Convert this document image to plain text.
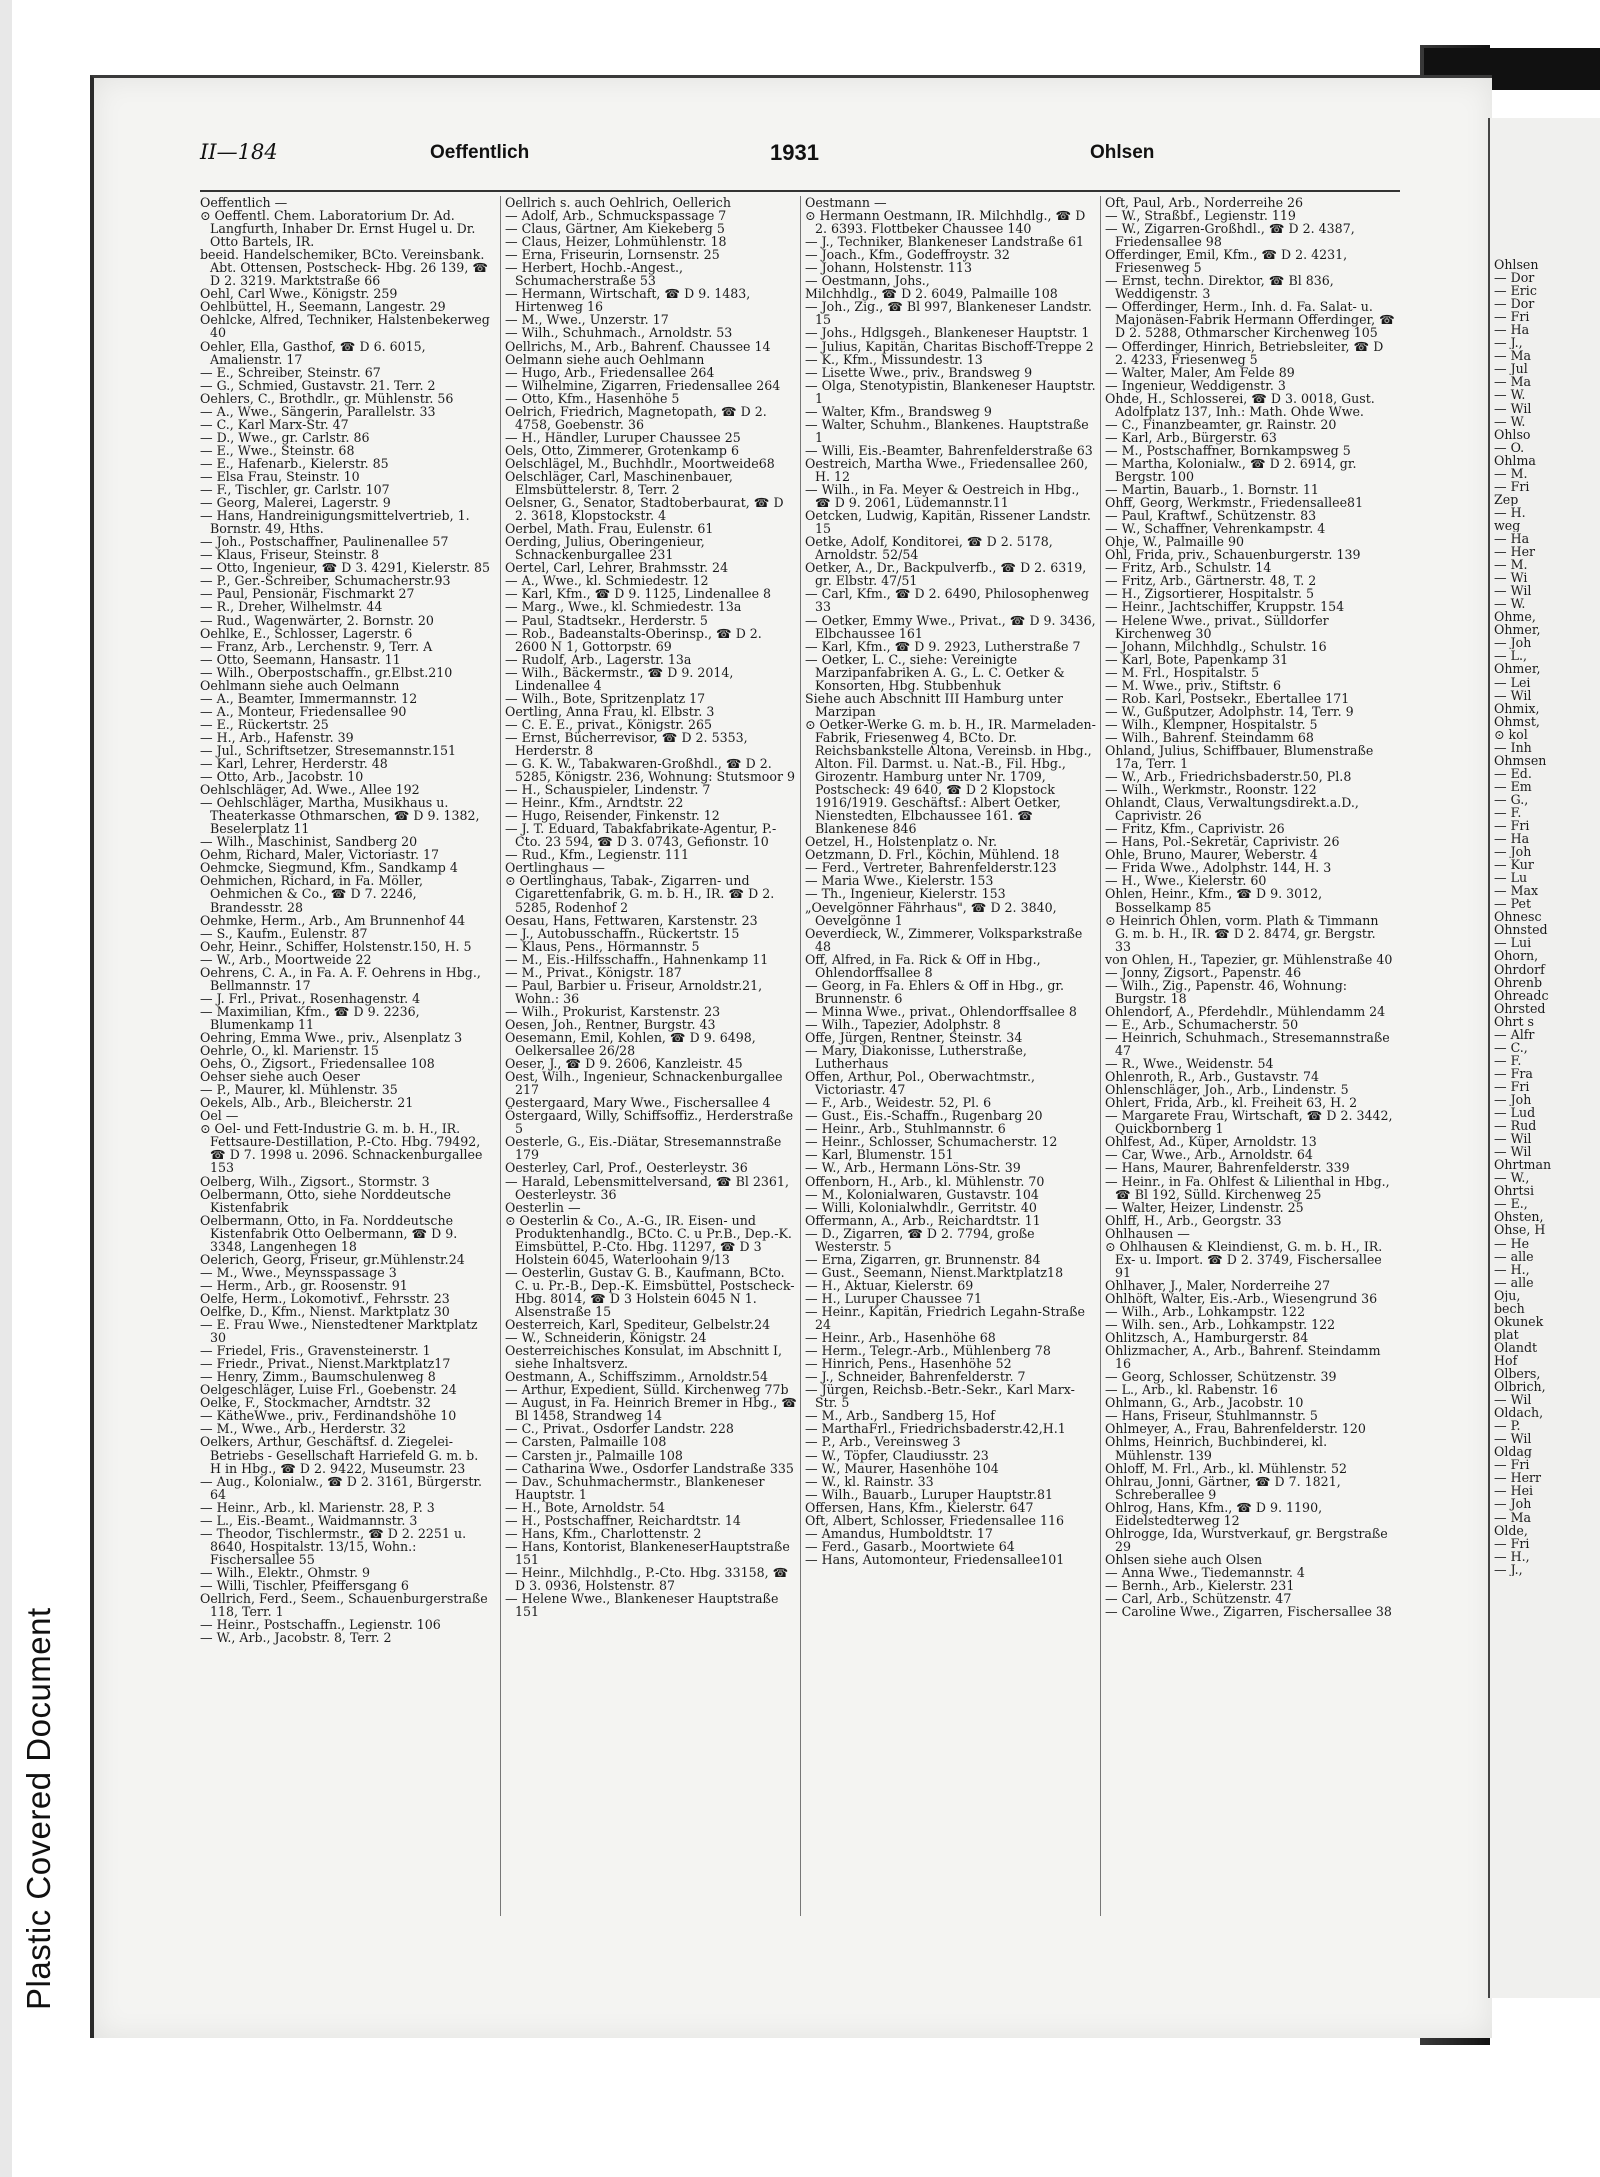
Plastic Covered Document
II—184	Oeffentlich	1931	Ohlsen

Oeffentlich —

⊙ Oeffentl. Chem. Laboratorium Dr. Ad. Langfurth, Inhaber Dr. Ernst Hugel u. Dr. Otto Bartels, IR.

beeid. Handelschemiker, BCto. Vereinsbank. Abt. Ottensen, Postscheck- Hbg. 26 139, ☎ D 2. 3219. Marktstraße 66

Oehl, Carl Wwe., Königstr. 259

Oehlbüttel, H., Seemann, Langestr. 29

Oehlcke, Alfred, Techniker, Halstenbekerweg 40

Oehler, Ella, Gasthof, ☎ D 6. 6015, Amalienstr. 17

— E., Schreiber, Steinstr. 67

— G., Schmied, Gustavstr. 21. Terr. 2

Oehlers, C., Brothdlr., gr. Mühlenstr. 56

— A., Wwe., Sängerin, Parallelstr. 33

— C., Karl Marx-Str. 47

— D., Wwe., gr. Carlstr. 86

— E., Wwe., Steinstr. 68

— E., Hafenarb., Kielerstr. 85

— Elsa Frau, Steinstr. 10

— F., Tischler, gr. Carlstr. 107

— Georg, Malerei, Lagerstr. 9

— Hans, Handreinigungsmittelvertrieb, 1. Bornstr. 49, Hths.

— Joh., Postschaffner, Paulinenallee 57

— Klaus, Friseur, Steinstr. 8

— Otto, Ingenieur, ☎ D 3. 4291, Kielerstr. 85

— P., Ger.-Schreiber, Schumacherstr.93

— Paul, Pensionär, Fischmarkt 27

— R., Dreher, Wilhelmstr. 44

— Rud., Wagenwärter, 2. Bornstr. 20

Oehlke, E., Schlosser, Lagerstr. 6

— Franz, Arb., Lerchenstr. 9, Terr. A

— Otto, Seemann, Hansastr. 11

— Wilh., Oberpostschaffn., gr.Elbst.210

Oehlmann siehe auch Oelmann

— A., Beamter, Immermannstr. 12

— A., Monteur, Friedensallee 90

— E., Rückertstr. 25

— H., Arb., Hafenstr. 39

— Jul., Schriftsetzer, Stresemannstr.151

— Karl, Lehrer, Herderstr. 48

— Otto, Arb., Jacobstr. 10

Oehlschläger, Ad. Wwe., Allee 192

— Oehlschläger, Martha, Musikhaus u. Theaterkasse Othmarschen, ☎ D 9. 1382, Beselerplatz 11

— Wilh., Maschinist, Sandberg 20

Oehm, Richard, Maler, Victoriastr. 17

Oehmcke, Siegmund, Kfm., Sandkamp 4

Oehmichen, Richard, in Fa. Möller, Oehmichen & Co., ☎ D 7. 2246, Brandesstr. 28

Oehmke, Herm., Arb., Am Brunnenhof 44

— S., Kaufm., Eulenstr. 87

Oehr, Heinr., Schiffer, Holstenstr.150, H. 5

— W., Arb., Moortweide 22

Oehrens, C. A., in Fa. A. F. Oehrens in Hbg., Bellmannstr. 17

— J. Frl., Privat., Rosenhagenstr. 4

— Maximilian, Kfm., ☎ D 9. 2236, Blumenkamp 11

Oehring, Emma Wwe., priv., Alsenplatz 3

Oehrle, O., kl. Marienstr. 15

Oehs, O., Zigsort., Friedensallee 108

Oehser siehe auch Oeser

— P., Maurer, kl. Mühlenstr. 35

Oekels, Alb., Arb., Bleicherstr. 21

Oel —

⊙ Oel- und Fett-Industrie G. m. b. H., IR. Fettsaure-Destillation, P.-Cto. Hbg. 79492, ☎ D 7. 1998 u. 2096. Schnackenburgallee 153

Oelberg, Wilh., Zigsort., Stormstr. 3

Oelbermann, Otto, siehe Norddeutsche Kistenfabrik

Oelbermann, Otto, in Fa. Norddeutsche Kistenfabrik Otto Oelbermann, ☎ D 9. 3348, Langenhegen 18

Oelerich, Georg, Friseur, gr.Mühlenstr.24

— M., Wwe., Meynsspassage 3

— Herm., Arb., gr. Roosenstr. 91

Oelfe, Herm., Lokomotivf., Fehrsstr. 23

Oelfke, D., Kfm., Nienst. Marktplatz 30

— E. Frau Wwe., Nienstedtener Marktplatz 30

— Friedel, Fris., Gravensteinerstr. 1

— Friedr., Privat., Nienst.Marktplatz17

— Henry, Zimm., Baumschulenweg 8

Oelgeschläger, Luise Frl., Goebenstr. 24

Oelke, F., Stockmacher, Arndtstr. 32

— KätheWwe., priv., Ferdinandshöhe 10

— M., Wwe., Arb., Herderstr. 32

Oelkers, Arthur, Geschäftsf. d. Ziegelei-Betriebs - Gesellschaft Harriefeld G. m. b. H in Hbg., ☎ D 2. 9422, Museumstr. 23

— Aug., Kolonialw., ☎ D 2. 3161, Bürgerstr. 64

— Heinr., Arb., kl. Marienstr. 28, P. 3

— L., Eis.-Beamt., Waidmannstr. 3

— Theodor, Tischlermstr., ☎ D 2. 2251 u. 8640, Hospitalstr. 13/15, Wohn.: Fischersallee 55

— Wilh., Elektr., Ohmstr. 9

— Willi, Tischler, Pfeiffersgang 6

Oellrich, Ferd., Seem., Schauenburgerstraße 118, Terr. 1

— Heinr., Postschaffn., Legienstr. 106

— W., Arb., Jacobstr. 8, Terr. 2

Oellrich s. auch Oehlrich, Oellerich

— Adolf, Arb., Schmuckspassage 7

— Claus, Gärtner, Am Kiekeberg 5

— Claus, Heizer, Lohmühlenstr. 18

— Erna, Friseurin, Lornsenstr. 25

— Herbert, Hochb.-Angest., Schumacherstraße 53

— Hermann, Wirtschaft, ☎ D 9. 1483, Hirtenweg 16

— M., Wwe., Unzerstr. 17

— Wilh., Schuhmach., Arnoldstr. 53

Oellrichs, M., Arb., Bahrenf. Chaussee 14

Oelmann siehe auch Oehlmann

— Hugo, Arb., Friedensallee 264

— Wilhelmine, Zigarren, Friedensallee 264

— Otto, Kfm., Hasenhöhe 5

Oelrich, Friedrich, Magnetopath, ☎ D 2. 4758, Goebenstr. 36

— H., Händler, Luruper Chaussee 25

Oels, Otto, Zimmerer, Grotenkamp 6

Oelschlägel, M., Buchhdlr., Moortweide68

Oelschläger, Carl, Maschinenbauer, Elmsbüttelerstr. 8, Terr. 2

Oelsner, G., Senator, Stadtoberbaurat, ☎ D 2. 3618, Klopstockstr. 4

Oerbel, Math. Frau, Eulenstr. 61

Oerding, Julius, Oberingenieur, Schnackenburgallee 231

Oertel, Carl, Lehrer, Brahmsstr. 24

— A., Wwe., kl. Schmiedestr. 12

— Karl, Kfm., ☎ D 9. 1125, Lindenallee 8

— Marg., Wwe., kl. Schmiedestr. 13a

— Paul, Stadtsekr., Herderstr. 5

— Rob., Badeanstalts-Oberinsp., ☎ D 2. 2600 N 1, Gottorpstr. 69

— Rudolf, Arb., Lagerstr. 13a

— Wilh., Bäckermstr., ☎ D 9. 2014, Lindenallee 4

— Wilh., Bote, Spritzenplatz 17

Oertling, Anna Frau, kl. Elbstr. 3

— C. E. E., privat., Königstr. 265

— Ernst, Bücherrevisor, ☎ D 2. 5353, Herderstr. 8

— G. K. W., Tabakwaren-Großhdl., ☎ D 2. 5285, Königstr. 236, Wohnung: Stutsmoor 9

— H., Schauspieler, Lindenstr. 7

— Heinr., Kfm., Arndtstr. 22

— Hugo, Reisender, Finkenstr. 12

— J. T. Eduard, Tabakfabrikate-Agentur, P.-Cto. 23 594, ☎ D 3. 0743, Gefionstr. 10

— Rud., Kfm., Legienstr. 111

Oertlinghaus —

⊙ Oertlinghaus, Tabak-, Zigarren- und Cigarettenfabrik, G. m. b. H., IR. ☎ D 2. 5285, Rodenhof 2

Oesau, Hans, Fettwaren, Karstenstr. 23

— J., Autobusschaffn., Rückertstr. 15

— Klaus, Pens., Hörmannstr. 5

— M., Eis.-Hilfsschaffn., Hahnenkamp 11

— M., Privat., Königstr. 187

— Paul, Barbier u. Friseur, Arnoldstr.21, Wohn.: 36

— Wilh., Prokurist, Karstenstr. 23

Oesen, Joh., Rentner, Burgstr. 43

Oesemann, Emil, Kohlen, ☎ D 9. 6498, Oelkersallee 26/28

Oeser, J., ☎ D 9. 2606, Kanzleistr. 45

Oest, Wilh., Ingenieur, Schnackenburgallee 217

Oestergaard, Mary Wwe., Fischersallee 4

Östergaard, Willy, Schiffsoffiz., Herderstraße 5

Oesterle, G., Eis.-Diätar, Stresemannstraße 179

Oesterley, Carl, Prof., Oesterleystr. 36

— Harald, Lebensmittelversand, ☎ Bl 2361, Oesterleystr. 36

Oesterlin —

⊙ Oesterlin & Co., A.-G., IR. Eisen- und Produktenhandlg., BCto. C. u Pr.B., Dep.-K. Eimsbüttel, P.-Cto. Hbg. 11297, ☎ D 3 Holstein 6045, Waterloohain 9/13

— Oesterlin, Gustav G. B., Kaufmann, BCto. C. u. Pr.-B., Dep.-K. Eimsbüttel, Postscheck- Hbg. 8014, ☎ D 3 Holstein 6045 N 1. Alsenstraße 15

Oesterreich, Karl, Spediteur, Gelbelstr.24

— W., Schneiderin, Königstr. 24

Oesterreichisches Konsulat, im Abschnitt I, siehe Inhaltsverz.

Oestmann, A., Schiffszimm., Arnoldstr.54

— Arthur, Expedient, Sülld. Kirchenweg 77b

— August, in Fa. Heinrich Bremer in Hbg., ☎ Bl 1458, Strandweg 14

— C., Privat., Osdorfer Landstr. 228

— Carsten, Palmaille 108

— Carsten jr., Palmaille 108

— Catharina Wwe., Osdorfer Landstraße 335

— Dav., Schuhmachermstr., Blankeneser Hauptstr. 1

— H., Bote, Arnoldstr. 54

— H., Postschaffner, Reichardtstr. 14

— Hans, Kfm., Charlottenstr. 2

— Hans, Kontorist, BlankeneserHauptstraße 151

— Heinr., Milchhdlg., P.-Cto. Hbg. 33158, ☎ D 3. 0936, Holstenstr. 87

— Helene Wwe., Blankeneser Hauptstraße 151

Oestmann —

⊙ Hermann Oestmann, IR. Milchhdlg., ☎ D 2. 6393. Flottbeker Chaussee 140

— J., Techniker, Blankeneser Landstraße 61

— Joach., Kfm., Godeffroystr. 32

— Johann, Holstenstr. 113

— Oestmann, Johs.,

Milchhdlg., ☎ D 2. 6049, Palmaille 108

— Joh., Zig., ☎ Bl 997, Blankeneser Landstr. 15

— Johs., Hdlgsgeh., Blankeneser Hauptstr. 1

— Julius, Kapitän, Charitas Bischoff-Treppe 2

— K., Kfm., Missundestr. 13

— Lisette Wwe., priv., Brandsweg 9

— Olga, Stenotypistin, Blankeneser Hauptstr. 1

— Walter, Kfm., Brandsweg 9

— Walter, Schuhm., Blankenes. Hauptstraße 1

— Willi, Eis.-Beamter, Bahrenfelderstraße 63

Oestreich, Martha Wwe., Friedensallee 260, H. 12

— Wilh., in Fa. Meyer & Oestreich in Hbg., ☎ D 9. 2061, Lüdemannstr.11

Oetcken, Ludwig, Kapitän, Rissener Landstr. 15

Oetke, Adolf, Konditorei, ☎ D 2. 5178, Arnoldstr. 52/54

Oetker, A., Dr., Backpulverfb., ☎ D 2. 6319, gr. Elbstr. 47/51

— Carl, Kfm., ☎ D 2. 6490, Philosophenweg 33

— Oetker, Emmy Wwe., Privat., ☎ D 9. 3436, Elbchaussee 161

— Karl, Kfm., ☎ D 9. 2923, Lutherstraße 7

— Oetker, L. C., siehe: Vereinigte Marzipanfabriken A. G., L. C. Oetker & Konsorten, Hbg. Stubbenhuk

Siehe auch Abschnitt III Hamburg unter Marzipan

⊙ Oetker-Werke G. m. b. H., IR. Marmeladen-Fabrik, Friesenweg 4, BCto. Dr. Reichsbankstelle Altona, Vereinsb. in Hbg., Alton. Fil. Darmst. u. Nat.-B., Fil. Hbg., Girozentr. Hamburg unter Nr. 1709, Postscheck: 49 640, ☎ D 2 Klopstock 1916/1919. Geschäftsf.: Albert Oetker, Nienstedten, Elbchaussee 161. ☎ Blankenese 846

Oetzel, H., Holstenplatz o. Nr.

Oetzmann, D. Frl., Köchin, Mühlend. 18

— Ferd., Vertreter, Bahrenfelderstr.123

— Maria Wwe., Kielerstr. 153

— Th., Ingenieur, Kielerstr. 153

„Oevelgönner Fährhaus", ☎ D 2. 3840, Oevelgönne 1

Oeverdieck, W., Zimmerer, Volksparkstraße 48

Off, Alfred, in Fa. Rick & Off in Hbg., Ohlendorffsallee 8

— Georg, in Fa. Ehlers & Off in Hbg., gr. Brunnenstr. 6

— Minna Wwe., privat., Ohlendorffsallee 8

— Wilh., Tapezier, Adolphstr. 8

Offe, Jürgen, Rentner, Steinstr. 34

— Mary, Diakonisse, Lutherstraße, Lutherhaus

Offen, Arthur, Pol., Oberwachtmstr., Victoriastr. 47

— F., Arb., Weidestr. 52, Pl. 6

— Gust., Eis.-Schaffn., Rugenbarg 20

— Heinr., Arb., Stuhlmannstr. 6

— Heinr., Schlosser, Schumacherstr. 12

— Karl, Blumenstr. 151

— W., Arb., Hermann Löns-Str. 39

Offenborn, H., Arb., kl. Mühlenstr. 70

— M., Kolonialwaren, Gustavstr. 104

— Willi, Kolonialwhdlr., Gerritstr. 40

Offermann, A., Arb., Reichardtstr. 11

— D., Zigarren, ☎ D 2. 7794, große Westerstr. 5

— Erna, Zigarren, gr. Brunnenstr. 84

— Gust., Seemann, Nienst.Marktplatz18

— H., Aktuar, Kielerstr. 69

— H., Luruper Chaussee 71

— Heinr., Kapitän, Friedrich Legahn-Straße 24

— Heinr., Arb., Hasenhöhe 68

— Herm., Telegr.-Arb., Mühlenberg 78

— Hinrich, Pens., Hasenhöhe 52

— J., Schneider, Bahrenfelderstr. 7

— Jürgen, Reichsb.-Betr.-Sekr., Karl Marx-Str. 5

— M., Arb., Sandberg 15, Hof

— MarthaFrl., Friedrichsbaderstr.42,H.1

— P., Arb., Vereinsweg 3

— W., Töpfer, Claudiusstr. 23

— W., Maurer, Hasenhöhe 104

— W., kl. Rainstr. 33

— Wilh., Bauarb., Luruper Hauptstr.81

Offersen, Hans, Kfm., Kielerstr. 647

Oft, Albert, Schlosser, Friedensallee 116

— Amandus, Humboldtstr. 17

— Ferd., Gasarb., Moortwiete 64

— Hans, Automonteur, Friedensallee101

Oft, Paul, Arb., Norderreihe 26

— W., Straßbf., Legienstr. 119

— W., Zigarren-Großhdl., ☎ D 2. 4387, Friedensallee 98

Offerdinger, Emil, Kfm., ☎ D 2. 4231, Friesenweg 5

— Ernst, techn. Direktor, ☎ Bl 836, Weddigenstr. 3

— Offerdinger, Herm., Inh. d. Fa. Salat- u. Majonäsen-Fabrik Hermann Offerdinger, ☎ D 2. 5288, Othmarscher Kirchenweg 105

— Offerdinger, Hinrich, Betriebsleiter, ☎ D 2. 4233, Friesenweg 5

— Walter, Maler, Am Felde 89

— Ingenieur, Weddigenstr. 3

Ohde, H., Schlosserei, ☎ D 3. 0018, Gust. Adolfplatz 137, Inh.: Math. Ohde Wwe.

— C., Finanzbeamter, gr. Rainstr. 20

— Karl, Arb., Bürgerstr. 63

— M., Postschaffner, Bornkampsweg 5

— Martha, Kolonialw., ☎ D 2. 6914, gr. Bergstr. 100

— Martin, Bauarb., 1. Bornstr. 11

Ohff, Georg, Werkmstr., Friedensallee81

— Paul, Kraftwf., Schützenstr. 83

— W., Schaffner, Vehrenkampstr. 4

Ohje, W., Palmaille 90

Ohl, Frida, priv., Schauenburgerstr. 139

— Fritz, Arb., Schulstr. 14

— Fritz, Arb., Gärtnerstr. 48, T. 2

— H., Zigsortierer, Hospitalstr. 5

— Heinr., Jachtschiffer, Kruppstr. 154

— Helene Wwe., privat., Sülldorfer Kirchenweg 30

— Johann, Milchhdlg., Schulstr. 16

— Karl, Bote, Papenkamp 31

— M. Frl., Hospitalstr. 5

— M. Wwe., priv., Stiftstr. 6

— Rob. Karl, Postsekr., Ebertallee 171

— W., Gußputzer, Adolphstr. 14, Terr. 9

— Wilh., Klempner, Hospitalstr. 5

— Wilh., Bahrenf. Steindamm 68

Ohland, Julius, Schiffbauer, Blumenstraße 17a, Terr. 1

— W., Arb., Friedrichsbaderstr.50, Pl.8

— Wilh., Werkmstr., Roonstr. 122

Ohlandt, Claus, Verwaltungsdirekt.a.D., Caprivistr. 26

— Fritz, Kfm., Caprivistr. 26

— Hans, Pol.-Sekretär, Caprivistr. 26

Ohle, Bruno, Maurer, Weberstr. 4

— Frida Wwe., Adolphstr. 144, H. 3

— H., Wwe., Kielerstr. 60

Ohlen, Heinr., Kfm., ☎ D 9. 3012, Bosselkamp 85

⊙ Heinrich Ohlen, vorm. Plath & Timmann G. m. b. H., IR. ☎ D 2. 8474, gr. Bergstr. 33

von Ohlen, H., Tapezier, gr. Mühlenstraße 40

— Jonny, Zigsort., Papenstr. 46

— Wilh., Zig., Papenstr. 46, Wohnung: Burgstr. 18

Ohlendorf, A., Pferdehdlr., Mühlendamm 24

— E., Arb., Schumacherstr. 50

— Heinrich, Schuhmach., Stresemannstraße 47

— R., Wwe., Weidenstr. 54

Ohlenroth, R., Arb., Gustavstr. 74

Ohlenschläger, Joh., Arb., Lindenstr. 5

Ohlert, Frida, Arb., kl. Freiheit 63, H. 2

— Margarete Frau, Wirtschaft, ☎ D 2. 3442, Quickbornberg 1

Ohlfest, Ad., Küper, Arnoldstr. 13

— Car, Wwe., Arb., Arnoldstr. 64

— Hans, Maurer, Bahrenfelderstr. 339

— Heinr., in Fa. Ohlfest & Lilienthal in Hbg., ☎ Bl 192, Sülld. Kirchenweg 25

— Walter, Heizer, Lindenstr. 25

Ohlff, H., Arb., Georgstr. 33

Ohlhausen —

⊙ Ohlhausen & Kleindienst, G. m. b. H., IR. Ex- u. Import. ☎ D 2. 3749, Fischersallee 91

Ohlhaver, J., Maler, Norderreihe 27

Ohlhöft, Walter, Eis.-Arb., Wiesengrund 36

— Wilh., Arb., Lohkampstr. 122

— Wilh. sen., Arb., Lohkampstr. 122

Ohlitzsch, A., Hamburgerstr. 84

Ohlizmacher, A., Arb., Bahrenf. Steindamm 16

— Georg, Schlosser, Schützenstr. 39

— L., Arb., kl. Rabenstr. 16

Ohlmann, G., Arb., Jacobstr. 10

— Hans, Friseur, Stuhlmannstr. 5

Ohlmeyer, A., Frau, Bahrenfelderstr. 120

Ohlms, Heinrich, Buchbinderei, kl. Mühlenstr. 139

Ohloff, M. Frl., Arb., kl. Mühlenstr. 52

Ohlrau, Jonni, Gärtner, ☎ D 7. 1821, Schreberallee 9

Ohlrog, Hans, Kfm., ☎ D 9. 1190, Eidelstedterweg 12

Ohlrogge, Ida, Wurstverkauf, gr. Bergstraße 29

Ohlsen siehe auch Olsen

— Anna Wwe., Tiedemannstr. 4

— Bernh., Arb., Kielerstr. 231

— Carl, Arb., Schützenstr. 47

— Caroline Wwe., Zigarren, Fischersallee 38

Ohlsen

— Dor

— Eric

— Dor

— Fri

— Ha

— J.,

— Ma

— Jul

— Ma

— W.

— Wil

— W.

Ohlso

— O.

Ohlma

— M.

— Fri

Zep

— H.

weg

— Ha

— Her

— M.

— Wi

— Wil

— W.

Ohme,

Ohmer,

— Joh

— L.,

Ohmer,

— Lei

— Wil

Ohmix,

Ohmst,

⊙ kol

— Inh

Ohmsen

— Ed.

— Em

— G.,

— F.

— Fri

— Ha

— Joh

— Kur

— Lu

— Max

— Pet

Ohnesc

Ohnsted

— Lui

Ohorn,

Ohrdorf

Ohrenb

Ohreadc

Ohrsted

Ohrt s

— Alfr

— C.,

— F.

— Fra

— Fri

— Joh

— Lud

— Rud

— Wil

— Wil

Ohrtman

— W.,

Ohrtsi

— E.,

Ohsten,

Ohse, H

— He

— alle

— H.,

— alle

Oju,

bech

Okunek

plat

Olandt

Hof

Olbers,

Olbrich,

— Wil

Oldach,

— P.

— Wil

Oldag

— Fri

— Herr

— Hei

— Joh

— Ma

Olde,

— Fri

— H.,

— J.,
